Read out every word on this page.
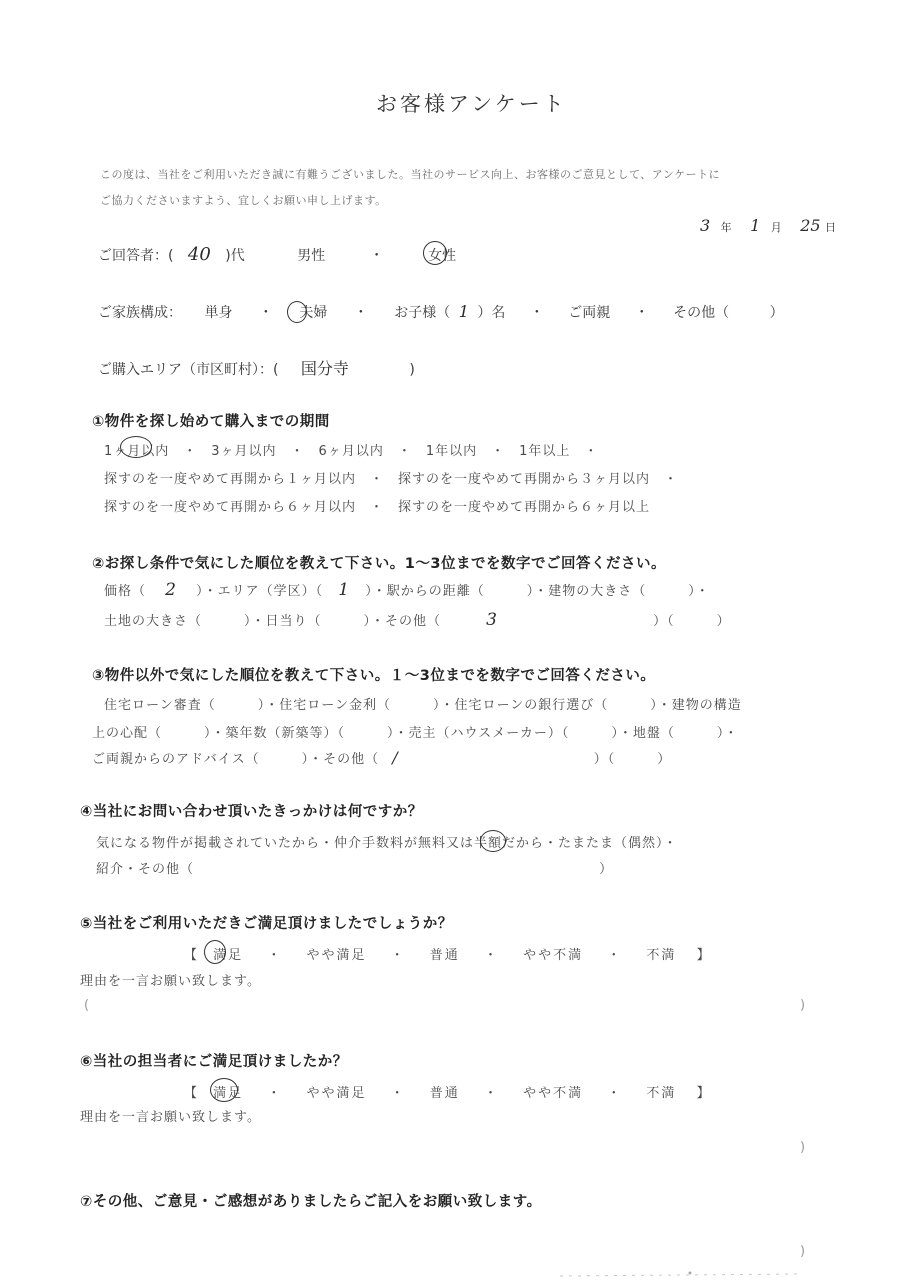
お客様アンケート
この度は、当社をご利用いただき誠に有難うございました。当社のサービス向上、お客様のご意見として、アンケートに
ご協力くださいますよう、宜しくお願い申し上げます。
3 年 1 月 25 日
ご回答者：( 40 )代	男性	・	女性
ご家族構成： 単身 ・ 夫婦 ・ お子様（ 1 ）名 ・ ご両親 ・ その他（	）
ご購入エリア（市区町村）：( 国分寺	)
①物件を探し始めて購入までの期間
1ヶ月以内　・　3ヶ月以内　・　6ヶ月以内　・　1年以内　・　1年以上　・
探すのを一度やめて再開から１ヶ月以内　・　探すのを一度やめて再開から３ヶ月以内　・
探すのを一度やめて再開から６ヶ月以内　・　探すのを一度やめて再開から６ヶ月以上
②お探し条件で気にした順位を教えて下さい。1～3位までを数字でご回答ください。
価格（ 2 ）・エリア（学区）（ 1 ）・駅からの距離（　　　）・建物の大きさ（　　　）・
土地の大きさ（　　　）・日当り（　　　）・その他（	3	）（　　　）
③物件以外で気にした順位を教えて下さい。１～3位までを数字でご回答ください。
住宅ローン審査（　　　）・住宅ローン金利（　　　）・住宅ローンの銀行選び（　　　）・建物の構造
上の心配（　　　）・築年数（新築等）（　　　）・売主（ハウスメーカー）（　　　）・地盤（　　　）・
ご両親からのアドバイス（　　　）・その他（ /	）（　　　）
④当社にお問い合わせ頂いたきっかけは何ですか？
気になる物件が掲載されていたから・仲介手数料が無料又は半額だから・たまたま（偶然）・
紹介・その他（	）
⑤当社をご利用いただきご満足頂けましたでしょうか？
【 満足 ・ やや満足 ・ 普通 ・ やや不満 ・ 不満 】
理由を一言お願い致します。
(	)
⑥当社の担当者にご満足頂けましたか？
【 満足 ・ やや満足 ・ 普通 ・ やや不満 ・ 不満 】
理由を一言お願い致します。
)
⑦その他、ご意見・ご感想がありましたらご記入をお願い致します。
)
